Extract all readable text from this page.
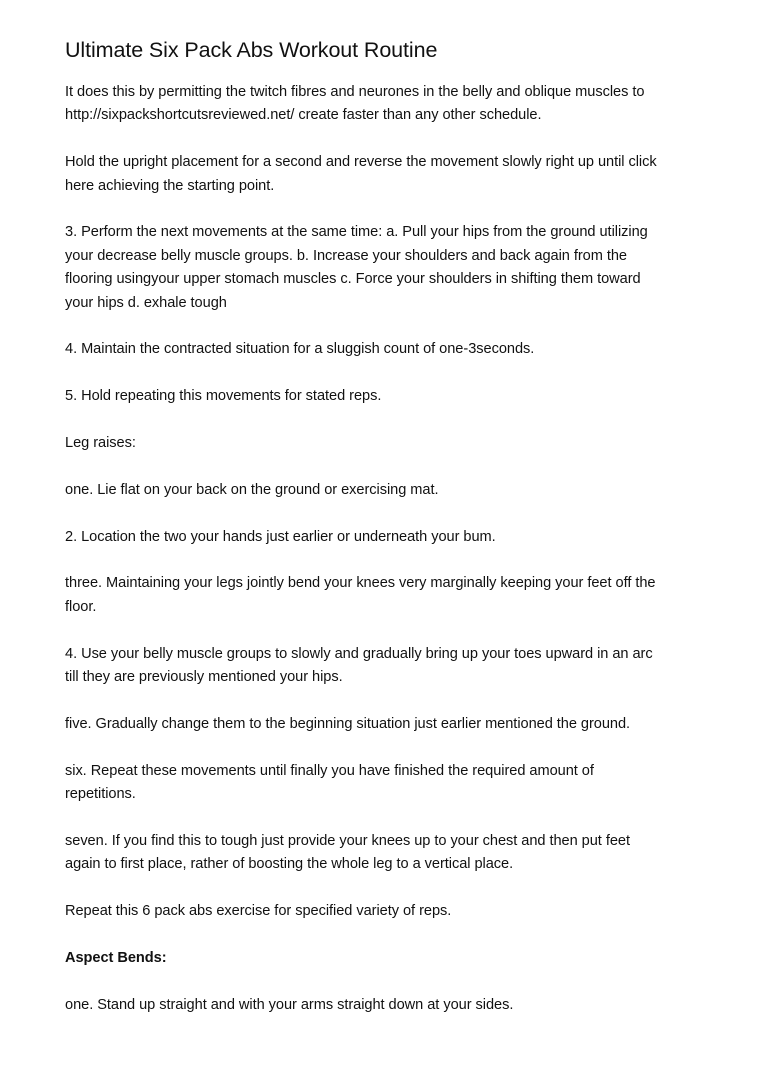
Ultimate Six Pack Abs Workout Routine
It does this by permitting the twitch fibres and neurones in the belly and oblique muscles to
http://sixpackshortcutsreviewed.net/ create faster than any other schedule.
Hold the upright placement for a second and reverse the movement slowly right up until click
here achieving the starting point.
3. Perform the next movements at the same time: a. Pull your hips from the ground utilizing
your decrease belly muscle groups. b. Increase your shoulders and back again from the
flooring usingyour upper stomach muscles c. Force your shoulders in shifting them toward
your hips d. exhale tough
4. Maintain the contracted situation for a sluggish count of one-3seconds.
5. Hold repeating this movements for stated reps.
Leg raises:
one. Lie flat on your back on the ground or exercising mat.
2. Location the two your hands just earlier or underneath your bum.
three. Maintaining your legs jointly bend your knees very marginally keeping your feet off the
floor.
4. Use your belly muscle groups to slowly and gradually bring up your toes upward in an arc
till they are previously mentioned your hips.
five. Gradually change them to the beginning situation just earlier mentioned the ground.
six. Repeat these movements until finally you have finished the required amount of
repetitions.
seven. If you find this to tough just provide your knees up to your chest and then put feet
again to first place, rather of boosting the whole leg to a vertical place.
Repeat this 6 pack abs exercise for specified variety of reps.
Aspect Bends:
one. Stand up straight and with your arms straight down at your sides.
